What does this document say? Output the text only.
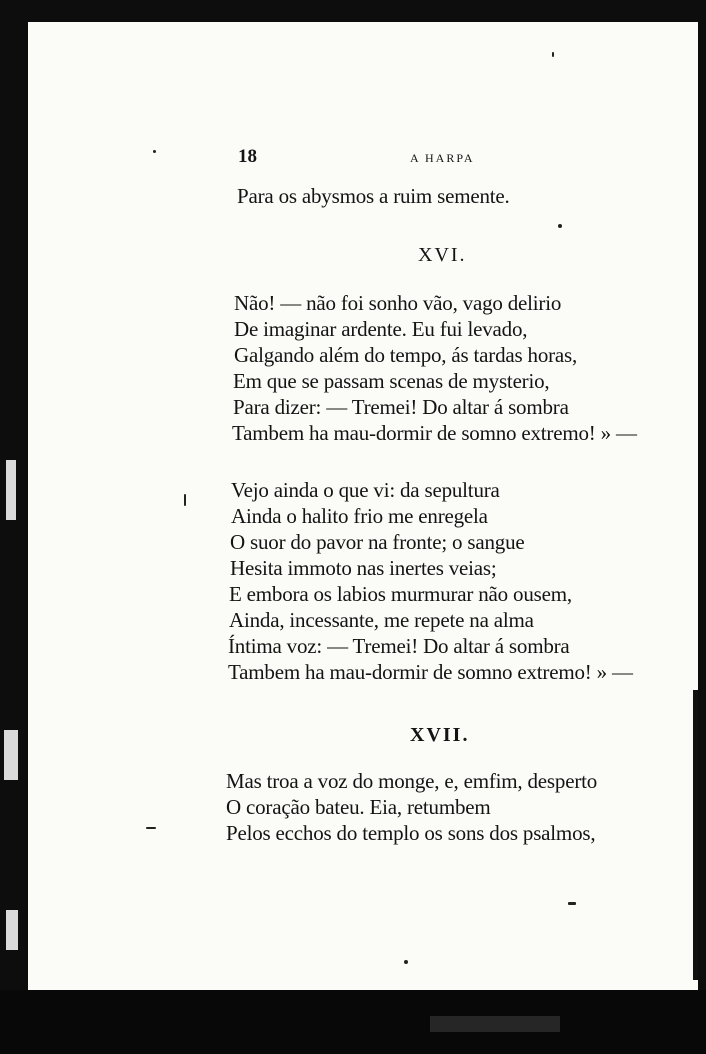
18	A HARPA
Para os abysmos a ruim semente.
XVI.
Não! — não foi sonho vão, vago delirio
De imaginar ardente. Eu fui levado,
Galgando além do tempo, ás tardas horas,
Em que se passam scenas de mysterio,
Para dizer: — Tremei! Do altar á sombra
Tambem ha mau-dormir de somno extremo! » —
Vejo ainda o que vi: da sepultura
Ainda o halito frio me enregela
O suor do pavor na fronte; o sangue
Hesita immoto nas inertes veias;
E embora os labios murmurar não ousem,
Ainda, incessante, me repete na alma
Íntima voz: — Tremei! Do altar á sombra
Tambem ha mau-dormir de somno extremo! » —
XVII.
Mas troa a voz do monge, e, emfim, desperto
O coração bateu. Eia, retumbem
Pelos ecchos do templo os sons dos psalmos,
